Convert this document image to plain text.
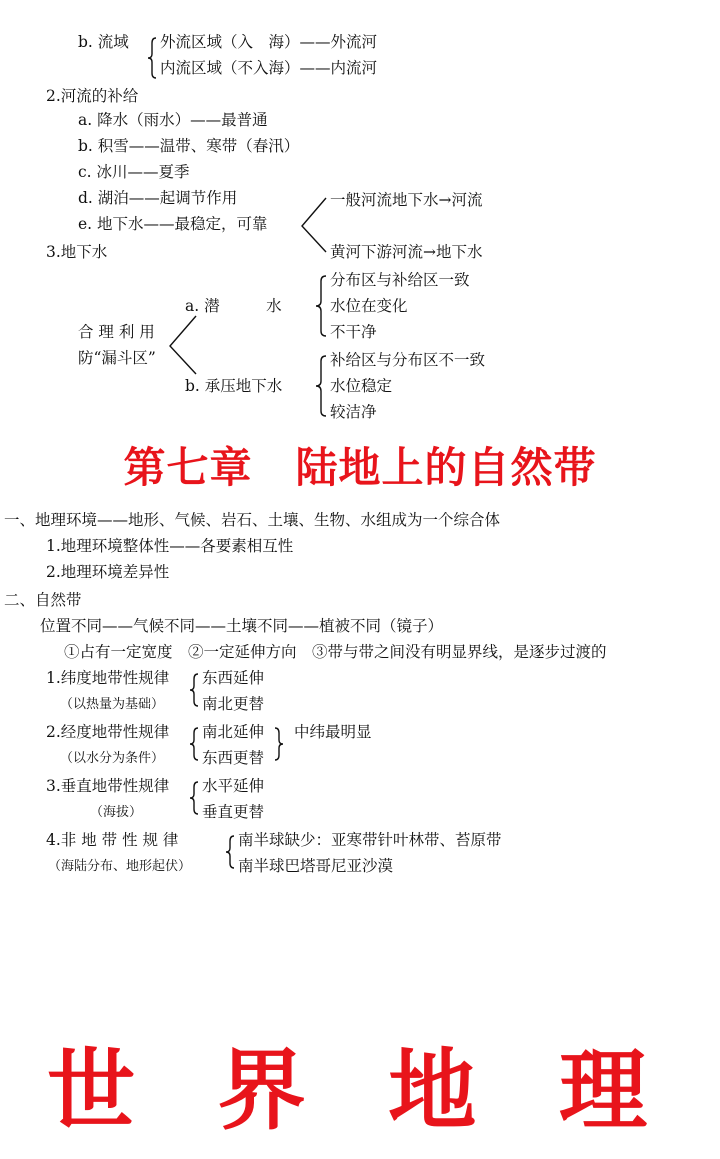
b. 流域 外流区域（入　海）——外流河
内流区域（不入海）——内流河
2.河流的补给
a. 降水（雨水）——最普通
b. 积雪——温带、寒带（春汛）
c. 冰川——夏季
d. 湖泊——起调节作用
e. 地下水——最稳定，可靠
一般河流地下水→河流
黄河下游河流→地下水
3.地下水
合 理 利 用
防“漏斗区”
a. 潜　　　水
分布区与补给区一致
水位在变化
不干净
b. 承压地下水
补给区与分布区不一致
水位稳定
较洁净
第七章　陆地上的自然带
一、地理环境——地形、气候、岩石、土壤、生物、水组成为一个综合体
1.地理环境整体性——各要素相互性
2.地理环境差异性
二、自然带
位置不同——气候不同——土壤不同——植被不同（镜子）
①占有一定宽度　②一定延伸方向　③带与带之间没有明显界线，是逐步过渡的
1.纬度地带性规律
（以热量为基础）
东西延伸
南北更替
2.经度地带性规律
（以水分为条件）
南北延伸
东西更替
中纬最明显
3.垂直地带性规律
（海拔）
水平延伸
垂直更替
4.非 地 带 性 规 律
（海陆分布、地形起伏）
南半球缺少：亚寒带针叶林带、苔原带
南半球巴塔哥尼亚沙漠
世 界 地 理
